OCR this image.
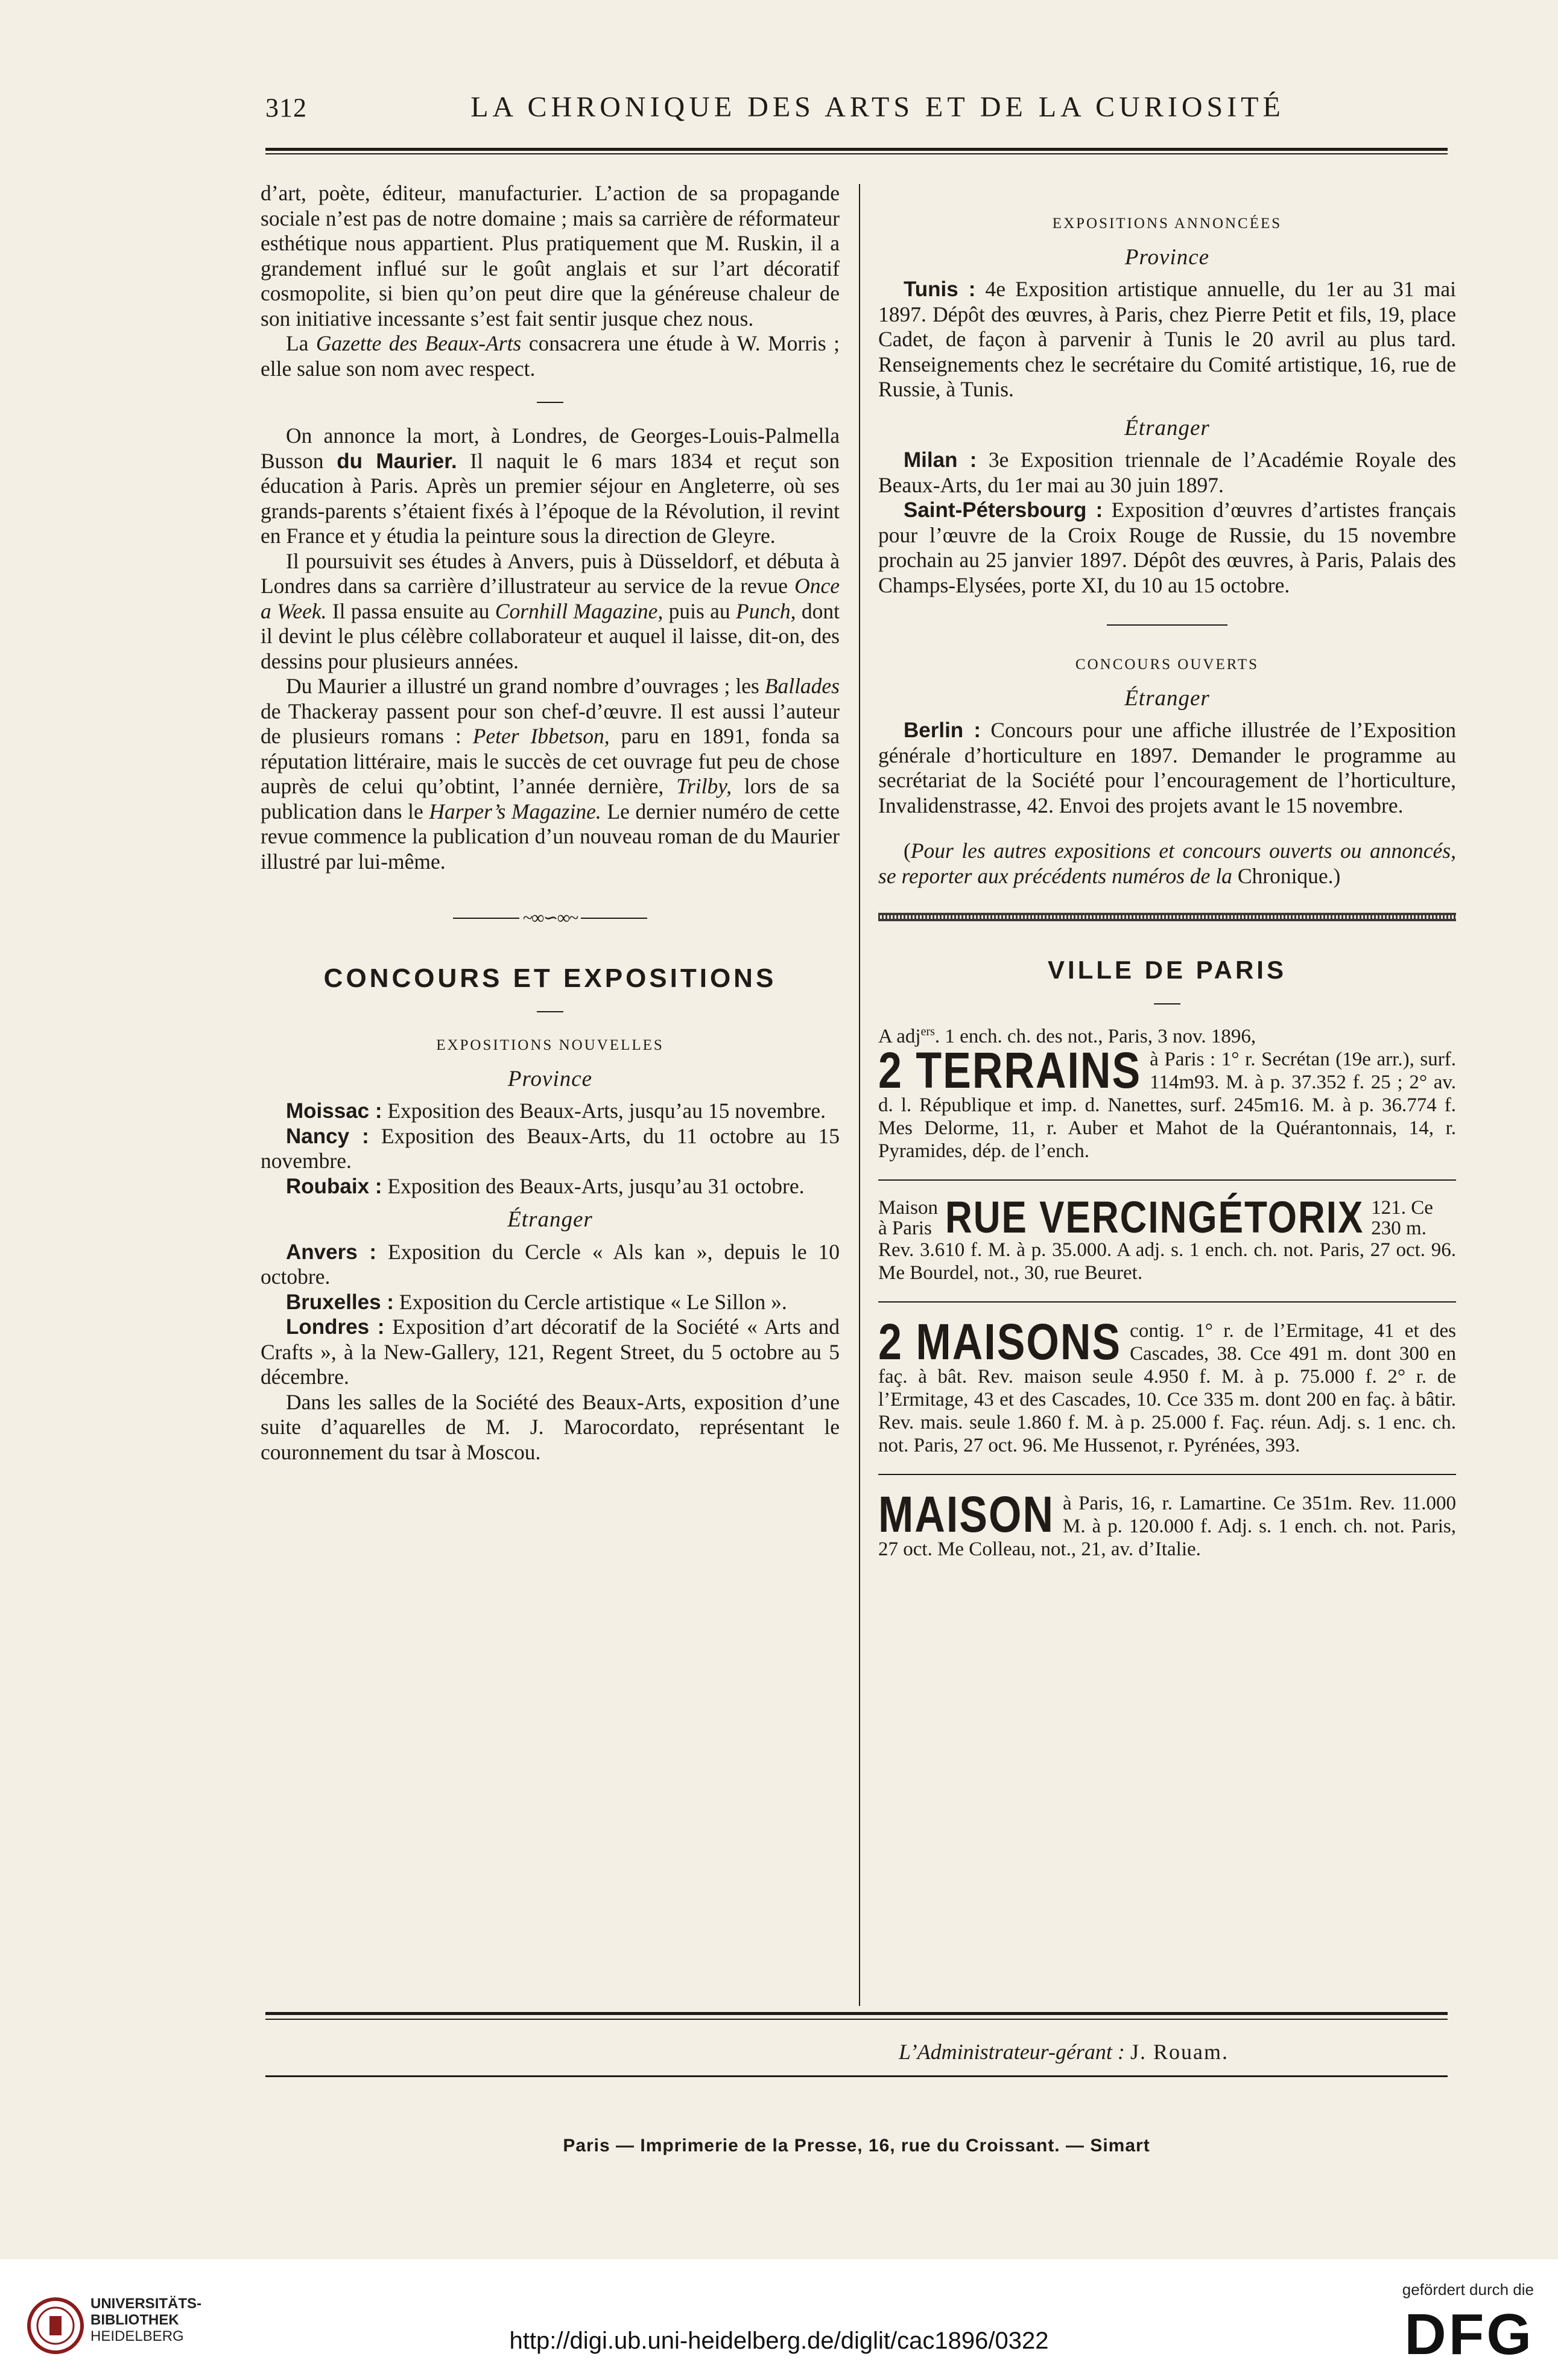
312	LA CHRONIQUE DES ARTS ET DE LA CURIOSITÉ

d’art, poète, éditeur, manufacturier. L’action de sa propagande sociale n’est pas de notre domaine ; mais sa carrière de réformateur esthétique nous appartient. Plus pratiquement que M. Ruskin, il a grandement influé sur le goût anglais et sur l’art décoratif cosmopolite, si bien qu’on peut dire que la généreuse chaleur de son initiative incessante s’est fait sentir jusque chez nous.

La Gazette des Beaux-Arts consacrera une étude à W. Morris ; elle salue son nom avec respect.

On annonce la mort, à Londres, de Georges-Louis-Palmella Busson du Maurier. Il naquit le 6 mars 1834 et reçut son éducation à Paris. Après un premier séjour en Angleterre, où ses grands-parents s’étaient fixés à l’époque de la Révolution, il revint en France et y étudia la peinture sous la direction de Gleyre.

Il poursuivit ses études à Anvers, puis à Düsseldorf, et débuta à Londres dans sa carrière d’illustrateur au service de la revue Once a Week. Il passa ensuite au Cornhill Magazine, puis au Punch, dont il devint le plus célèbre collaborateur et auquel il laisse, dit-on, des dessins pour plusieurs années.

Du Maurier a illustré un grand nombre d’ouvrages ; les Ballades de Thackeray passent pour son chef-d’œuvre. Il est aussi l’auteur de plusieurs romans : Peter Ibbetson, paru en 1891, fonda sa réputation littéraire, mais le succès de cet ouvrage fut peu de chose auprès de celui qu’obtint, l’année dernière, Trilby, lors de sa publication dans le Harper’s Magazine. Le dernier numéro de cette revue commence la publication d’un nouveau roman de du Maurier illustré par lui-même.

~∞∽∞~
CONCOURS ET EXPOSITIONS
EXPOSITIONS NOUVELLES
Province

Moissac : Exposition des Beaux-Arts, jusqu’au 15 novembre.

Nancy : Exposition des Beaux-Arts, du 11 octobre au 15 novembre.

Roubaix : Exposition des Beaux-Arts, jusqu’au 31 octobre.

Étranger

Anvers : Exposition du Cercle « Als kan », depuis le 10 octobre.

Bruxelles : Exposition du Cercle artistique « Le Sillon ».

Londres : Exposition d’art décoratif de la Société « Arts and Crafts », à la New-Gallery, 121, Regent Street, du 5 octobre au 5 décembre.

Dans les salles de la Société des Beaux-Arts, exposition d’une suite d’aquarelles de M. J. Marocordato, représentant le couronnement du tsar à Moscou.

EXPOSITIONS ANNONCÉES
Province

Tunis : 4e Exposition artistique annuelle, du 1er au 31 mai 1897. Dépôt des œuvres, à Paris, chez Pierre Petit et fils, 19, place Cadet, de façon à parvenir à Tunis le 20 avril au plus tard. Renseignements chez le secrétaire du Comité artistique, 16, rue de Russie, à Tunis.

Étranger

Milan : 3e Exposition triennale de l’Académie Royale des Beaux-Arts, du 1er mai au 30 juin 1897.

Saint-Pétersbourg : Exposition d’œuvres d’artistes français pour l’œuvre de la Croix Rouge de Russie, du 15 novembre prochain au 25 janvier 1897. Dépôt des œuvres, à Paris, Palais des Champs-Elysées, porte XI, du 10 au 15 octobre.

CONCOURS OUVERTS
Étranger

Berlin : Concours pour une affiche illustrée de l’Exposition générale d’horticulture en 1897. Demander le programme au secrétariat de la Société pour l’encouragement de l’horticulture, Invalidenstrasse, 42. Envoi des projets avant le 15 novembre.

(Pour les autres expositions et concours ouverts ou annoncés, se reporter aux précédents numéros de la Chronique.)

VILLE DE PARIS

A adj$^{ers}$. 1 ench. ch. des not., Paris, 3 nov. 1896,

2 TERRAINS à Paris : 1° r. Secrétan (19e arr.), surf. 114m93. M. à p. 37.352 f. 25 ; 2° av. d. l. République et imp. d. Nanettes, surf. 245m16. M. à p. 36.774 f. Mes Delorme, 11, r. Auber et Mahot de la Quérantonnais, 14, r. Pyramides, dép. de l’ench.

Maison
à Paris RUE VERCINGÉTORIX 121. Ce
230 m.

Rev. 3.610 f. M. à p. 35.000. A adj. s. 1 ench. ch. not. Paris, 27 oct. 96. Me Bourdel, not., 30, rue Beuret.

2 MAISONS contig. 1° r. de l’Ermitage, 41 et des Cascades, 38. Cce 491 m. dont 300 en faç. à bât. Rev. maison seule 4.950 f. M. à p. 75.000 f. 2° r. de l’Ermitage, 43 et des Cascades, 10. Cce 335 m. dont 200 en faç. à bâtir. Rev. mais. seule 1.860 f. M. à p. 25.000 f. Faç. réun. Adj. s. 1 enc. ch. not. Paris, 27 oct. 96. Me Hussenot, r. Pyrénées, 393.

MAISON à Paris, 16, r. Lamartine. Ce 351m. Rev. 11.000 M. à p. 120.000 f. Adj. s. 1 ench. ch. not. Paris, 27 oct. Me Colleau, not., 21, av. d’Italie.

L’Administrateur-gérant : J. Rouam.
Paris — Imprimerie de la Presse, 16, rue du Croissant. — Simart
UNIVERSITÄTS-
BIBLIOTHEK
HEIDELBERG	http://digi.ub.uni-heidelberg.de/diglit/cac1896/0322
gefördert durch die
DFG
